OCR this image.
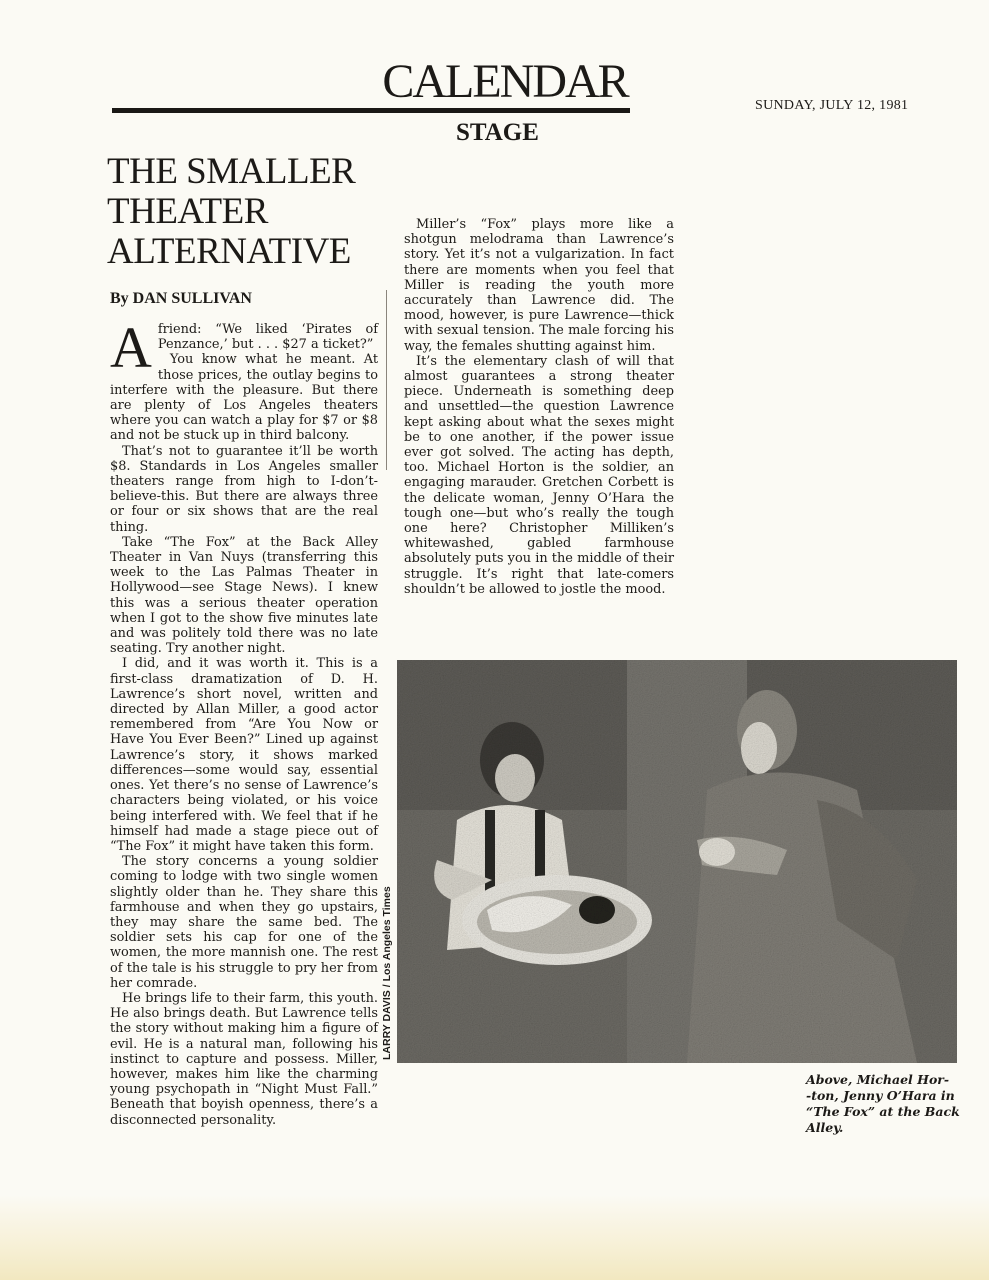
CALENDAR	SUNDAY, JULY 12, 1981
STAGE
THE SMALLER
THEATER
ALTERNATIVE
By DAN SULLIVAN

Afriend: “We liked ‘Pirates of Penzance,’ but . . . $27 a ticket?”

You know what he meant. At those prices, the outlay begins to interfere with the pleasure. But there are plenty of Los Angeles theaters where you can watch a play for $7 or $8 and not be stuck up in third balcony.

That’s not to guarantee it’ll be worth $8. Standards in Los Angeles smaller theaters range from high to I-don’t-believe-this. But there are always three or four or six shows that are the real thing.

Take “The Fox” at the Back Alley Theater in Van Nuys (transferring this week to the Las Palmas Theater in Hollywood—see Stage News). I knew this was a serious theater operation when I got to the show five minutes late and was politely told there was no late seating. Try another night.

I did, and it was worth it. This is a first-class dramatization of D. H. Lawrence’s short novel, written and directed by Allan Miller, a good actor remembered from “Are You Now or Have You Ever Been?” Lined up against Lawrence’s story, it shows marked differences—some would say, essential ones. Yet there’s no sense of Lawrence’s characters being violated, or his voice being interfered with. We feel that if he himself had made a stage piece out of “The Fox” it might have taken this form.

The story concerns a young soldier coming to lodge with two single women slightly older than he. They share this farmhouse and when they go upstairs, they may share the same bed. The soldier sets his cap for one of the women, the more mannish one. The rest of the tale is his struggle to pry her from her comrade.

He brings life to their farm, this youth. He also brings death. But Lawrence tells the story without making him a figure of evil. He is a natural man, following his instinct to capture and possess. Miller, however, makes him like the charming young psychopath in “Night Must Fall.” Beneath that boyish openness, there’s a disconnected personality.

Miller’s “Fox” plays more like a shotgun melodrama than Lawrence’s story. Yet it’s not a vulgarization. In fact there are moments when you feel that Miller is reading the youth more accurately than Lawrence did. The mood, however, is pure Lawrence—thick with sexual tension. The male forcing his way, the females shutting against him.

It’s the elementary clash of will that almost guarantees a strong theater piece. Underneath is something deep and unsettled—the question Lawrence kept asking about what the sexes might be to one another, if the power issue ever got solved. The acting has depth, too. Michael Horton is the soldier, an engaging marauder. Gretchen Corbett is the delicate woman, Jenny O’Hara the tough one—but who’s really the tough one here? Christopher Milliken’s whitewashed, gabled farmhouse absolutely puts you in the middle of their struggle. It’s right that late-comers shouldn’t be allowed to jostle the mood.

LARRY DAVIS / Los Angeles Times
Above, Michael Hor-
-ton, Jenny O’Hara in
“The Fox” at the Back
Alley.
